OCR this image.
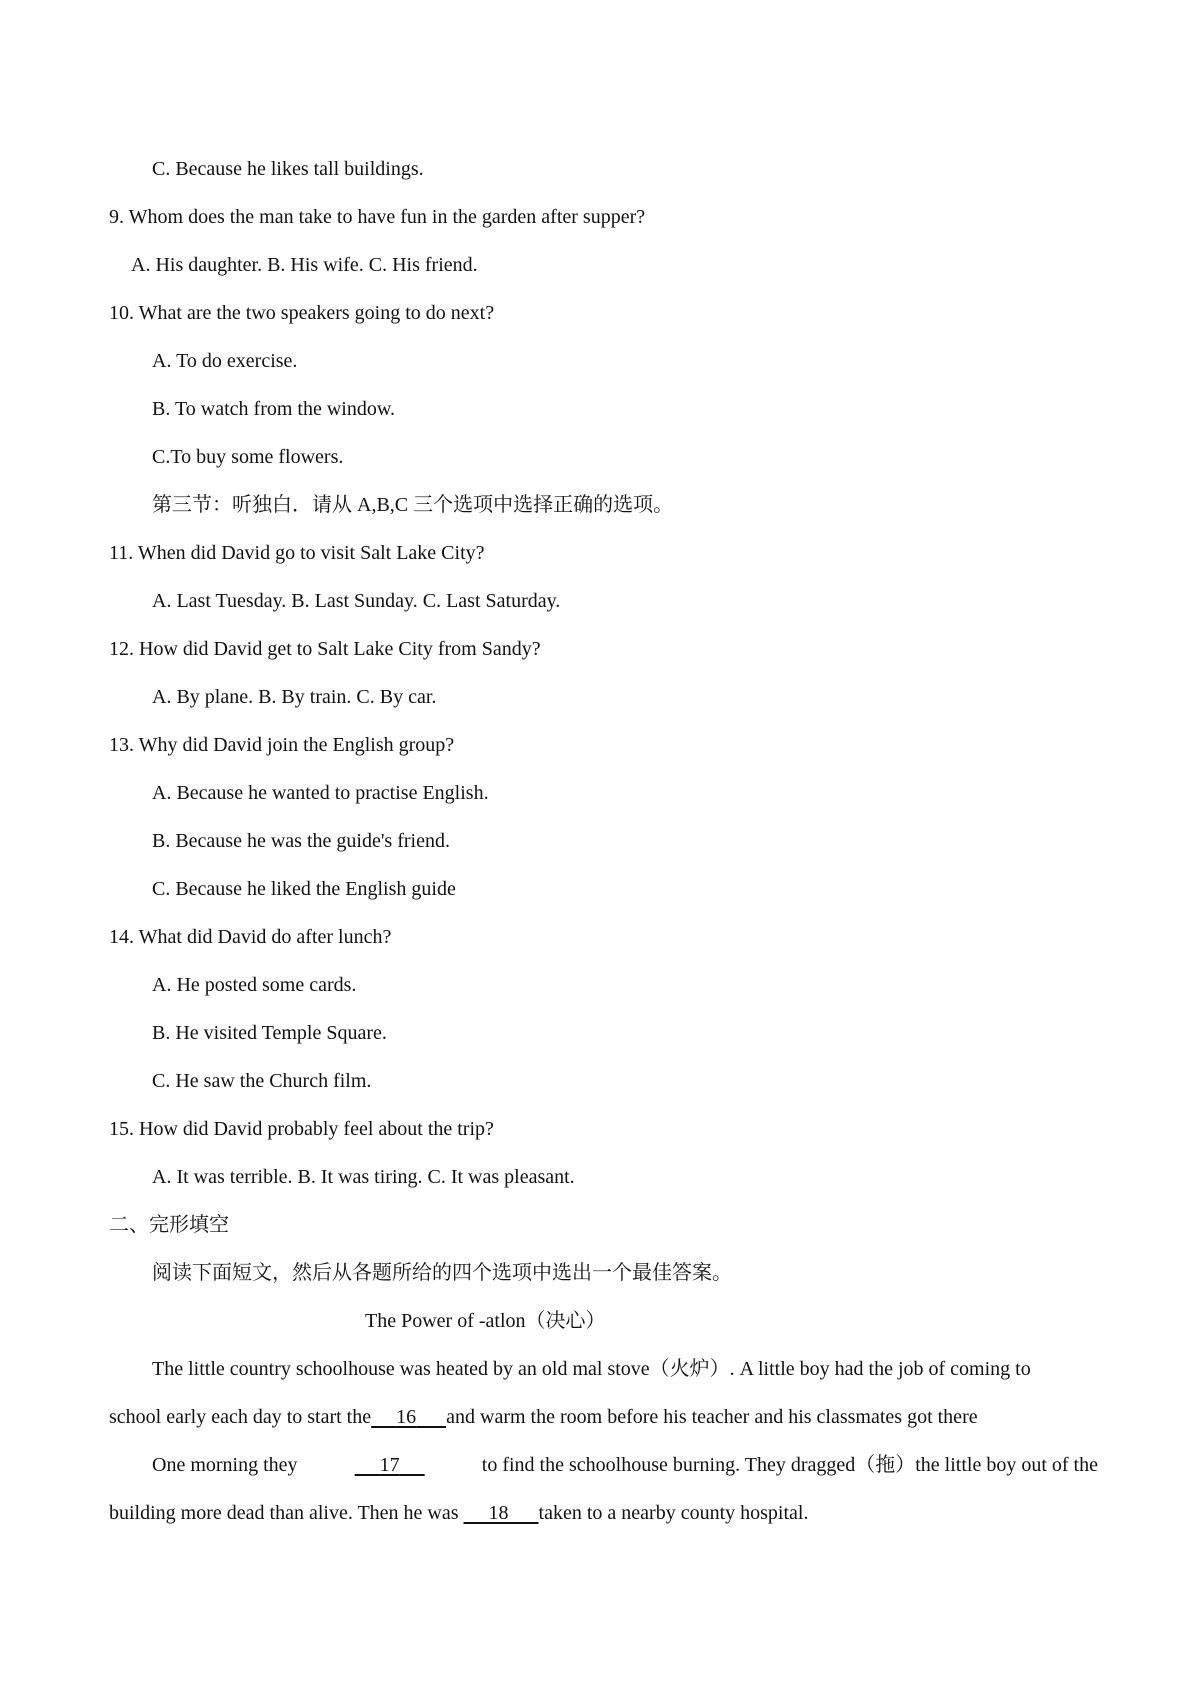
C. Because he likes tall buildings.
9. Whom does the man take to have fun in the garden after supper?
A. His daughter. B. His wife. C. His friend.
10. What are the two speakers going to do next?
A. To do exercise.
B. To watch from the window.
C.To buy some flowers.
第三节：听独白．请从 A,B,C 三个选项中选择正确的选项。
11. When did David go to visit Salt Lake City?
A. Last Tuesday. B. Last Sunday. C. Last Saturday.
12. How did David get to Salt Lake City from Sandy?
A. By plane. B. By train. C. By car.
13. Why did David join the English group?
A. Because he wanted to practise English.
B. Because he was the guide's friend.
C. Because he liked the English guide
14. What did David do after lunch?
A. He posted some cards.
B. He visited Temple Square.
C. He saw the Church film.
15. How did David probably feel about the trip?
A. It was terrible. B. It was tiring. C. It was pleasant.
二、完形填空
阅读下面短文，然后从各题所给的四个选项中选出一个最佳答案。
The Power of -atlon（决心）
The little country schoolhouse was heated by an old mal stove（火炉）. A little boy had the job of coming to
school early each day to start the 16 and warm the room before his teacher and his classmates got there
One morning they	17	to find the schoolhouse burning. They dragged（拖）the little boy out of the
building more dead than alive. Then he was 18 taken to a nearby county hospital.
